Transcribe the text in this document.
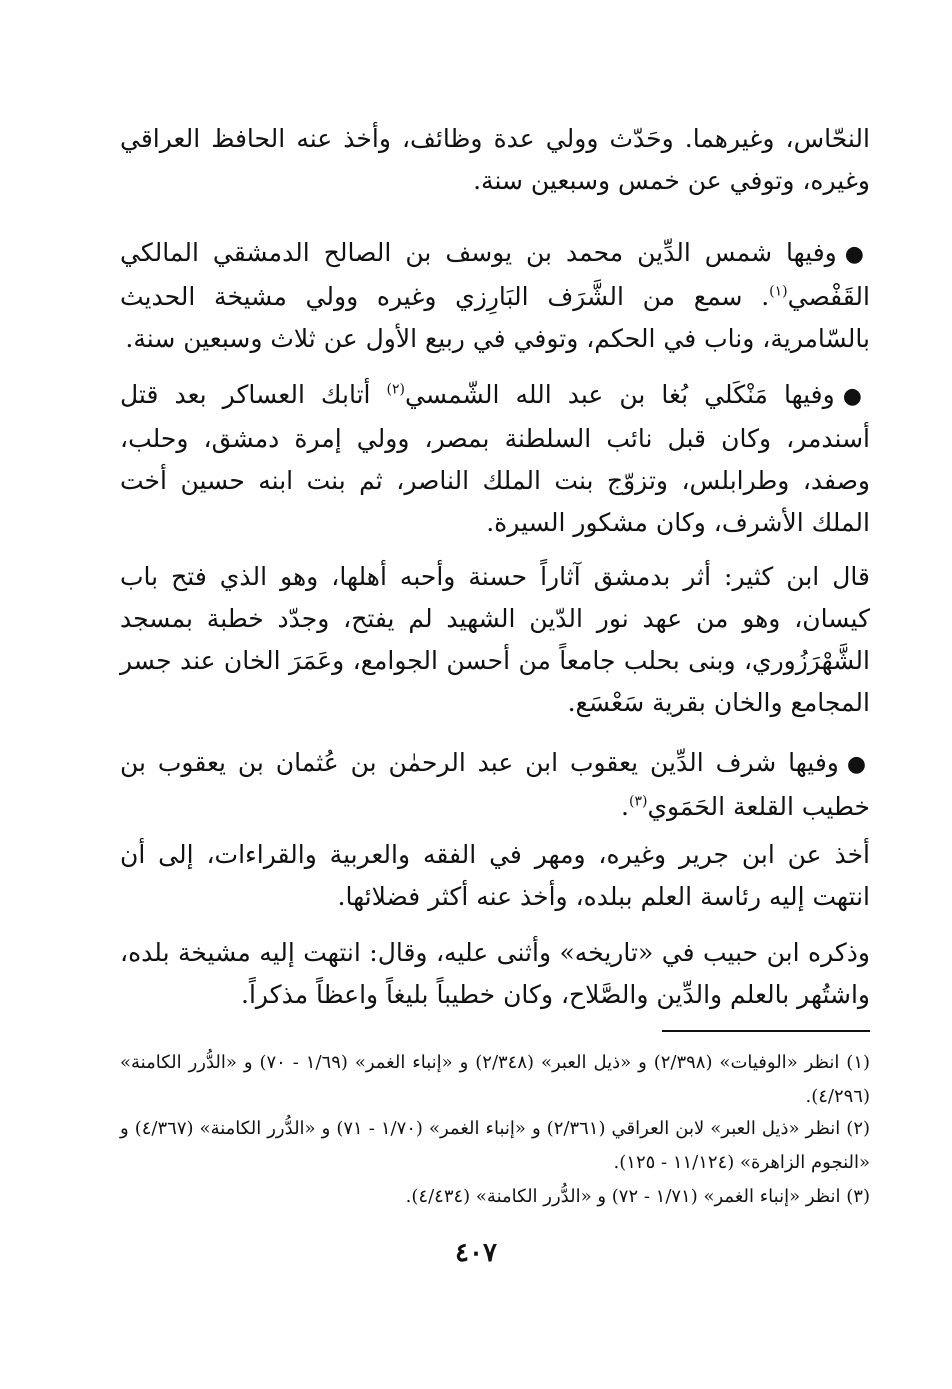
النحّاس، وغيرهما. وحَدّث وولي عدة وظائف، وأخذ عنه الحافظ العراقي وغيره، وتوفي عن خمس وسبعين سنة.

●وفيها شمس الدِّين محمد بن يوسف بن الصالح الدمشقي المالكي القَفْصي$^{(١)}$. سمع من الشَّرَف البَارِزي وغيره وولي مشيخة الحديث بالسّامرية، وناب في الحكم، وتوفي في ربيع الأول عن ثلاث وسبعين سنة.

●وفيها مَنْكَلي بُغا بن عبد الله الشّمسي$^{(٢)}$ أتابك العساكر بعد قتل أسندمر، وكان قبل نائب السلطنة بمصر، وولي إمرة دمشق، وحلب، وصفد، وطرابلس، وتزوّج بنت الملك الناصر، ثم بنت ابنه حسين أخت الملك الأشرف، وكان مشكور السيرة.

قال ابن كثير: أثر بدمشق آثاراً حسنة وأحبه أهلها، وهو الذي فتح باب كيسان، وهو من عهد نور الدّين الشهيد لم يفتح، وجدّد خطبة بمسجد الشَّهْرَزُوري، وبنى بحلب جامعاً من أحسن الجوامع، وعَمَرَ الخان عند جسر المجامع والخان بقرية سَعْسَع.

●وفيها شرف الدِّين يعقوب ابن عبد الرحمٰن بن عُثمان بن يعقوب بن خطيب القلعة الحَمَوي$^{(٣)}$.

أخذ عن ابن جرير وغيره، ومهر في الفقه والعربية والقراءات، إلى أن انتهت إليه رئاسة العلم ببلده، وأخذ عنه أكثر فضلائها.

وذكره ابن حبيب في «تاريخه» وأثنى عليه، وقال: انتهت إليه مشيخة بلده، واشتُهر بالعلم والدِّين والصَّلاح، وكان خطيباً بليغاً واعظاً مذكراً.

(١) انظر «الوفيات» (٢/٣٩٨) و «ذيل العبر» (٢/٣٤٨) و «إنباء الغمر» (١/٦٩ - ٧٠) و «الدُّرر الكامنة» (٤/٢٩٦).

(٢) انظر «ذيل العبر» لابن العراقي (٢/٣٦١) و «إنباء الغمر» (١/٧٠ - ٧١) و «الدُّرر الكامنة» (٤/٣٦٧) و «النجوم الزاهرة» (١١/١٢٤ - ١٢٥).

(٣) انظر «إنباء الغمر» (١/٧١ - ٧٢) و «الدُّرر الكامنة» (٤/٤٣٤).

٤٠٧
